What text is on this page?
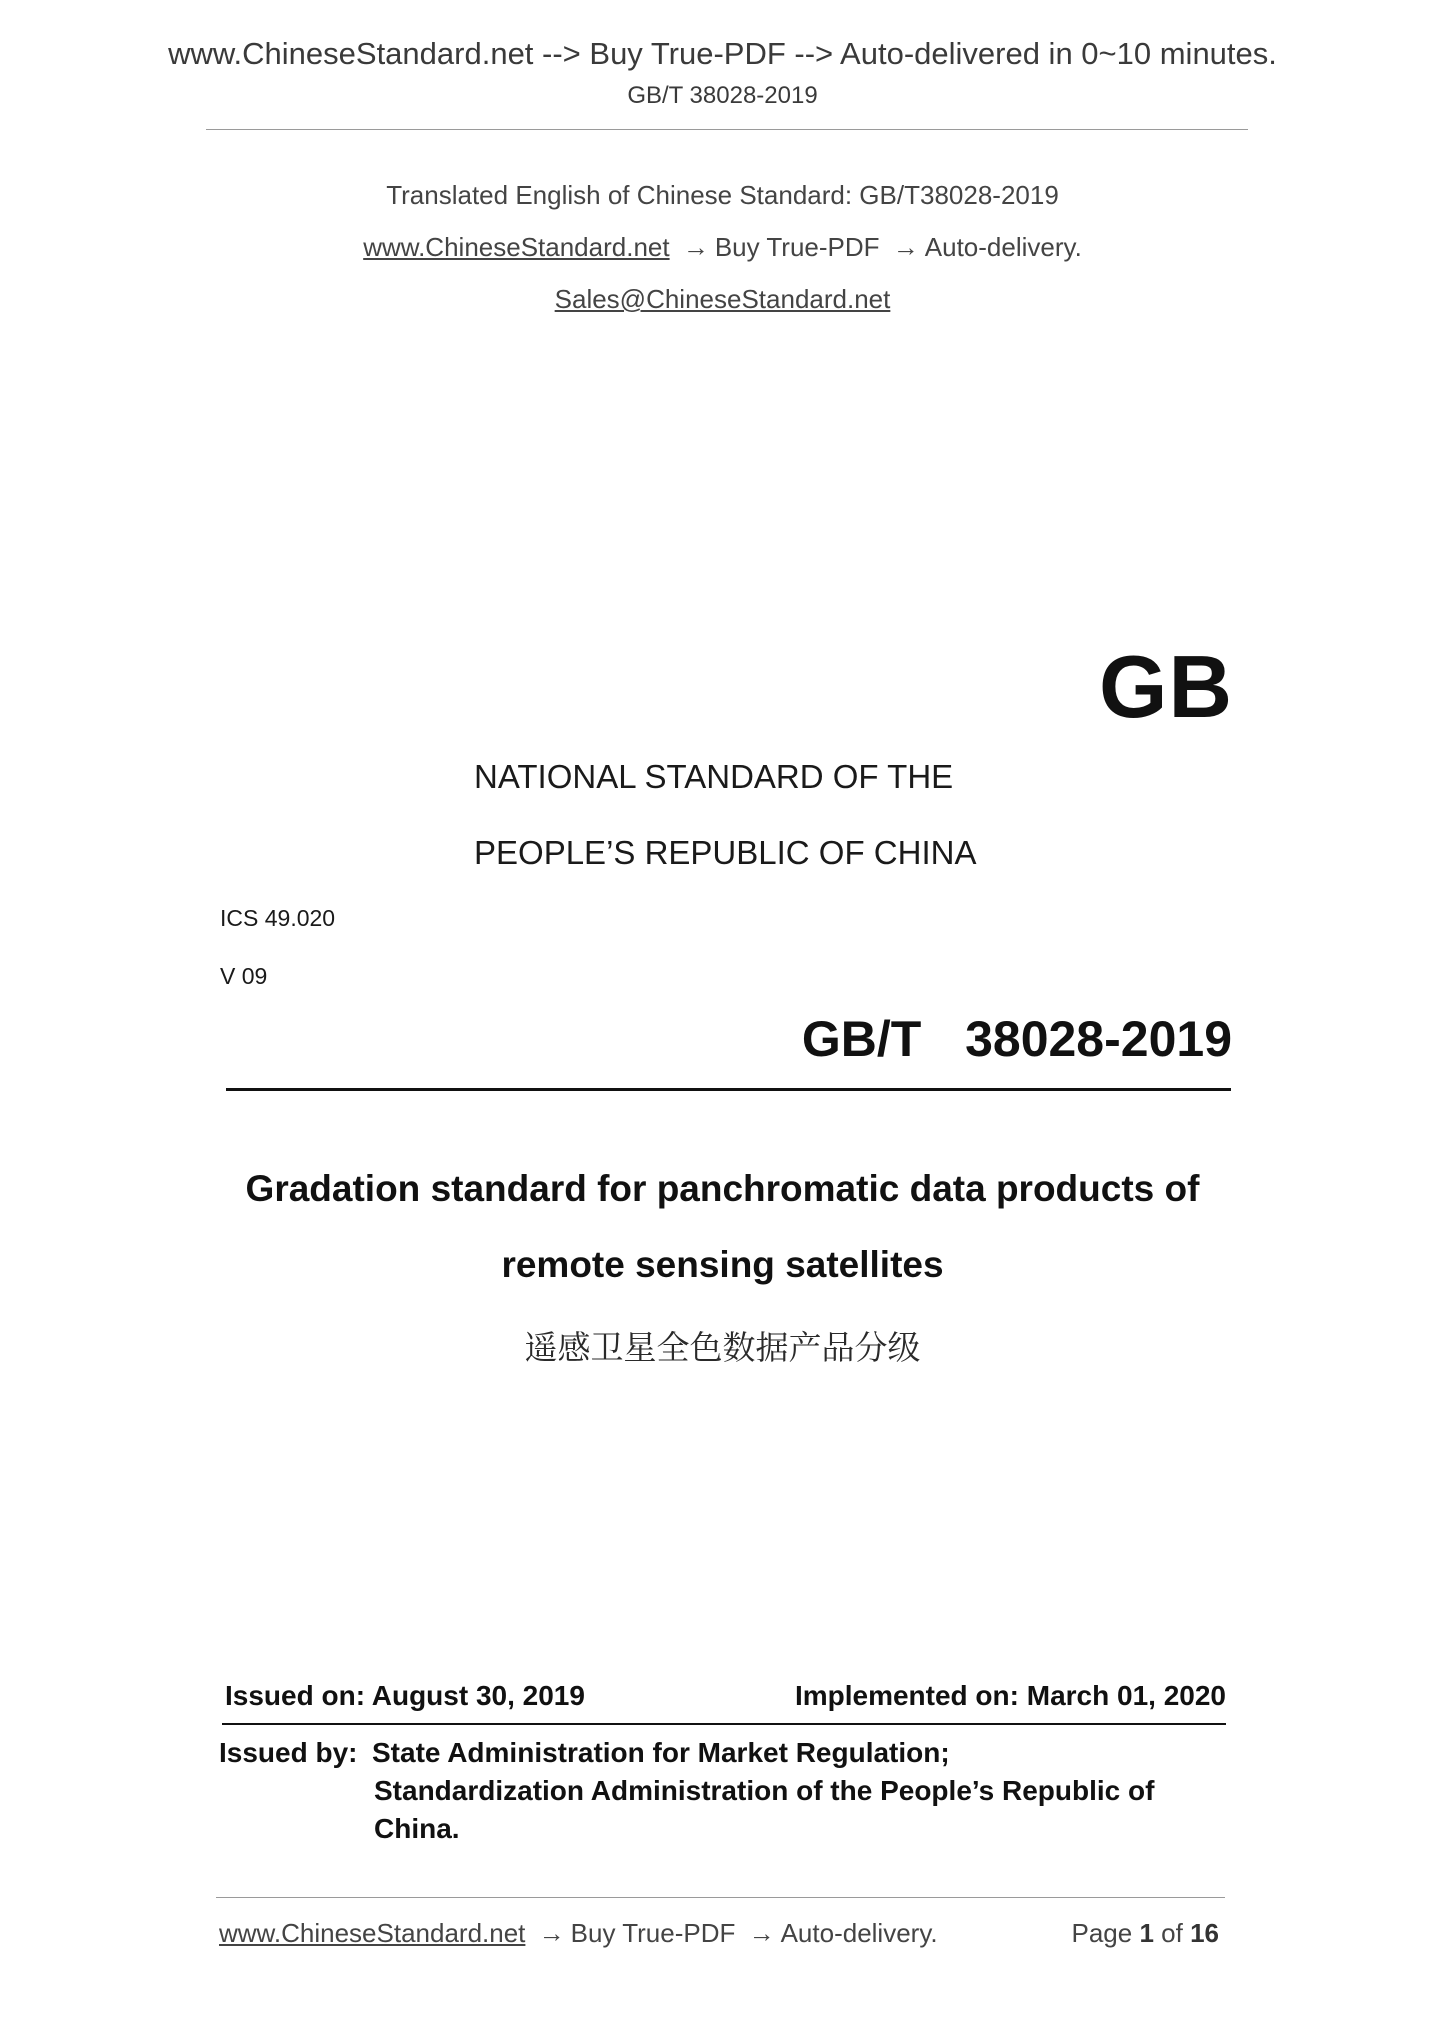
www.ChineseStandard.net --> Buy True-PDF --> Auto-delivered in 0~10 minutes.
GB/T 38028-2019
Translated English of Chinese Standard: GB/T38028-2019
www.ChineseStandard.net → Buy True-PDF → Auto-delivery.
Sales@ChineseStandard.net
GB
NATIONAL STANDARD OF THE
PEOPLE’S REPUBLIC OF CHINA
ICS 49.020
V 09
GB/T  38028-2019
Gradation standard for panchromatic data products of
remote sensing satellites
遥感卫星全色数据产品分级
Issued on: August 30, 2019	Implemented on: March 01, 2020
Issued by: State Administration for Market Regulation;
Standardization Administration of the People’s Republic of
China.
www.ChineseStandard.net → Buy True-PDF → Auto-delivery.	Page 1 of 16
